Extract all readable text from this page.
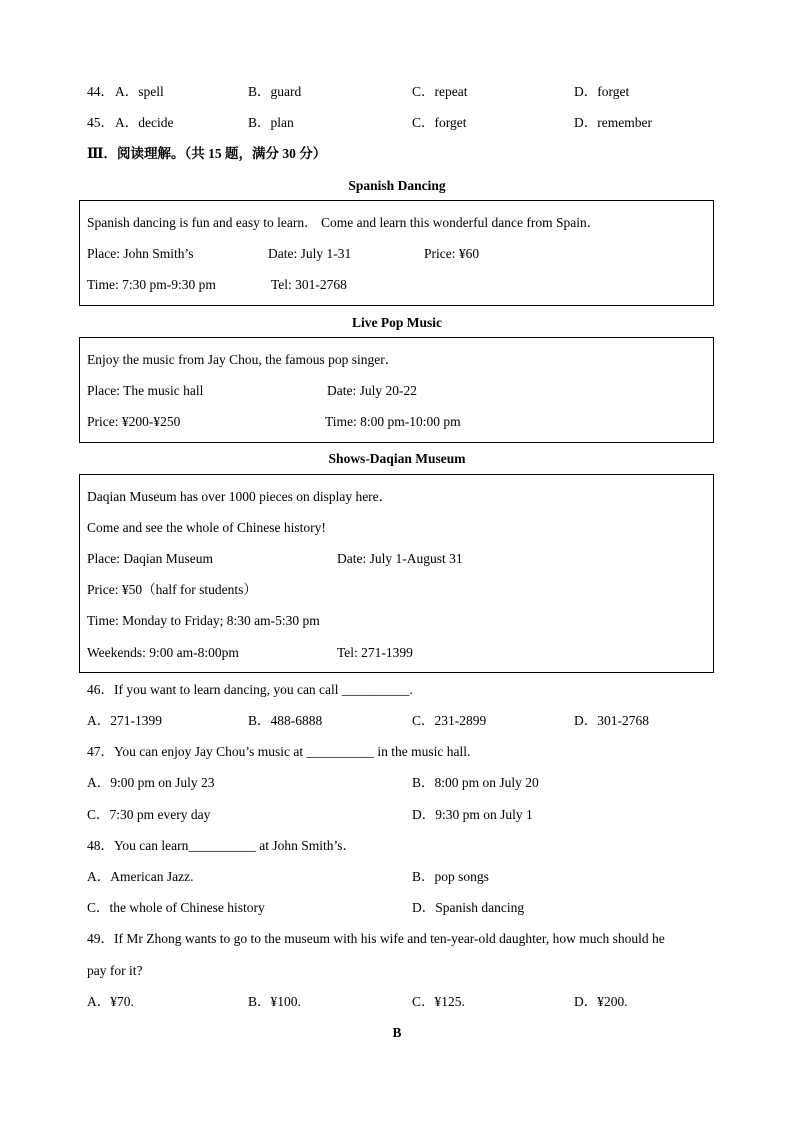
44． A．spell	B．guard	C．repeat	D．forget
45． A．decide	B．plan	C．forget	D．remember
Ⅲ．阅读理解。（共 15 题，满分 30 分）
Spanish Dancing
Spanish dancing is fun and easy to learn． Come and learn this wonderful dance from Spain．
Place: John Smith’s	Date: July 1-31	Price: ¥60
Time: 7:30 pm-9:30 pm	Tel: 301-2768
Live Pop Music
Enjoy the music from Jay Chou, the famous pop singer．
Place: The music hall	Date: July 20-22
Price: ¥200-¥250	Time: 8:00 pm-10:00 pm
Shows-Daqian Museum
Daqian Museum has over 1000 pieces on display here．
Come and see the whole of Chinese history!
Place: Daqian Museum	Date: July 1-August 31
Price: ¥50（half for students）
Time: Monday to Friday; 8:30 am-5:30 pm
Weekends: 9:00 am-8:00pm	Tel: 271-1399
46．If you want to learn dancing, you can call __________.
A．271-1399	B．488-6888	C．231-2899	D．301-2768
47．You can enjoy Jay Chou’s music at __________ in the music hall.
A．9:00 pm on July 23	B．8:00 pm on July 20
C．7:30 pm every day	D．9:30 pm on July 1
48．You can learn__________ at John Smith’s．
A．American Jazz.	B．pop songs
C．the whole of Chinese history	D．Spanish dancing
49．If Mr Zhong wants to go to the museum with his wife and ten-year-old daughter, how much should he
pay for it?
A．¥70.	B．¥100.	C．¥125.	D．¥200.
B
